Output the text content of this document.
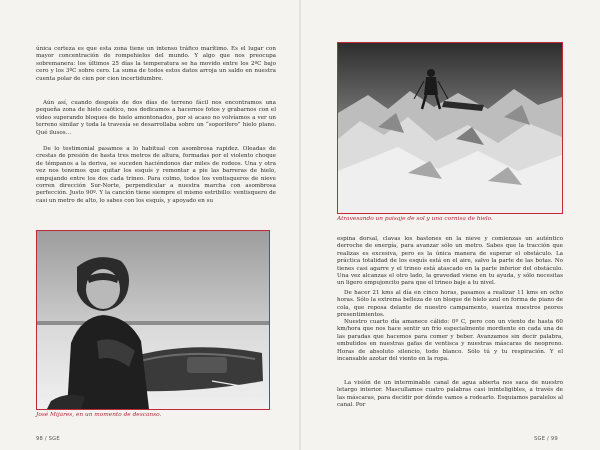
única certeza es que esta zona tiene un intenso tráfico marítimo. Es el lugar con mayor concentración de rompehielos del mundo. Y algo que nos preocupa sobremanera: los últimos 25 días la temperatura se ha movido entre los 2ºC bajo cero y los 3ºC sobre cero. La suma de todos estos datos arroja un saldo en nuestra cuenta polar de cien por cien incertidumbre.

Aún así, cuando después de dos días de terreno fácil nos encontramos una pequeña zona de hielo caótico, nos dedicamos a hacernos fotos y grabarnos con el vídeo superando bloques de hielo amontonados, por si acaso no volvíamos a ver un terreno similar y toda la travesía se desarrollaba sobre un “soporífero” hielo plano. Qué ilusos…

De lo testimonial pasamos a lo habitual con asombrosa rapidez. Oleadas de crestas de presión de hasta tres metros de altura, formadas por el violento choque de témpanos a la deriva, se suceden haciéndonos dar miles de rodeos. Una y otra vez nos tenemos que quitar los esquís y remontar a pie las barreras de hielo, empujando entre los dos cada trineo. Para colmo, todos los ventisqueros de nieve corren dirección Sur-Norte, perpendicular a nuestra marcha con asombrosa perfección. Justo 90º. Y la canción tiene siempre el mismo estribillo: ventisquero de casi un metro de alto, lo sabes con los esquís, y apoyado en su

José Mijares, en un momento de descanso.

98 / SGE

Atravesando un paisaje de sol y una cornisa de hielo.

espina dorsal, clavas los bastones en la nieve y comienzas un auténtico derroche de energía, para avanzar sólo un metro. Sabes que la tracción que realizas es excesiva, pero es la única manera de superar el obstáculo. La práctica totalidad de los esquís está en el aire, salvo la parte de las botas. No tienes casi agarre y el trineo está atascado en la parte inferior del obstáculo. Una vez alcanzas el otro lado, la gravedad viene en tu ayuda, y sólo necesitas un ligero empujoncito para que el trineo baje a tu nivel.

De hacer 21 kms al día en cinco horas, pasamos a realizar 11 kms en ocho horas. Sólo la extrema belleza de un bloque de hielo azul en forma de piano de cola, que reposa delante de nuestro campamento, suaviza nuestros peores presentimientos.

Nuestro cuarto día amanece cálido: 0º C, pero con un viento de hasta 60 km/hora que nos hace sentir un frío especialmente mordiente en cada una de las paradas que hacemos para comer y beber. Avanzamos sin decir palabra, embutidos en nuestras gafas de ventisca y nuestras máscaras de neopreno. Horas de absoluto silencio, todo blanco. Sólo tú y tu respiración. Y el incansable azotar del viento en la ropa.

La visión de un interminable canal de agua abierta nos saca de nuestro letargo interior. Mascullamos cuatro palabras casi ininteligibles, a través de las máscaras, para decidir por dónde vamos a rodearlo. Esquiamos paralelos al canal. Por

SGE / 99
